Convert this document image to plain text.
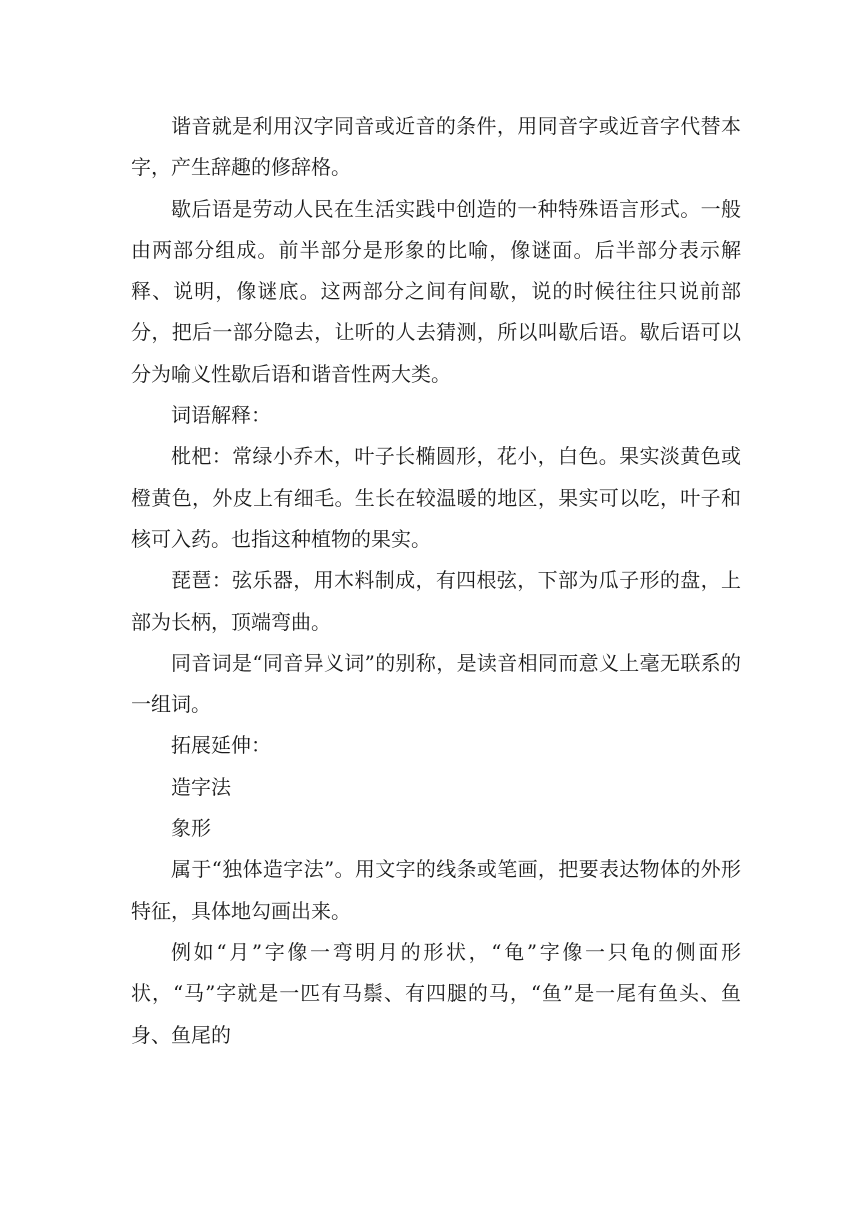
谐音就是利用汉字同音或近音的条件，用同音字或近音字代替本字，产生辞趣的修辞格。

歇后语是劳动人民在生活实践中创造的一种特殊语言形式。一般由两部分组成。前半部分是形象的比喻，像谜面。后半部分表示解释、说明，像谜底。这两部分之间有间歇，说的时候往往只说前部分，把后一部分隐去，让听的人去猜测，所以叫歇后语。歇后语可以分为喻义性歇后语和谐音性两大类。

词语解释：

枇杷：常绿小乔木，叶子长椭圆形，花小，白色。果实淡黄色或橙黄色，外皮上有细毛。生长在较温暖的地区，果实可以吃，叶子和核可入药。也指这种植物的果实。

琵琶：弦乐器，用木料制成，有四根弦，下部为瓜子形的盘，上部为长柄，顶端弯曲。

同音词是“同音异义词”的别称，是读音相同而意义上毫无联系的一组词。

拓展延伸：

造字法

象形

属于“独体造字法”。用文字的线条或笔画，把要表达物体的外形特征，具体地勾画出来。

例如“月”字像一弯明月的形状，“龟”字像一只龟的侧面形状，“马”字就是一匹有马鬃、有四腿的马，“鱼”是一尾有鱼头、鱼身、鱼尾的
